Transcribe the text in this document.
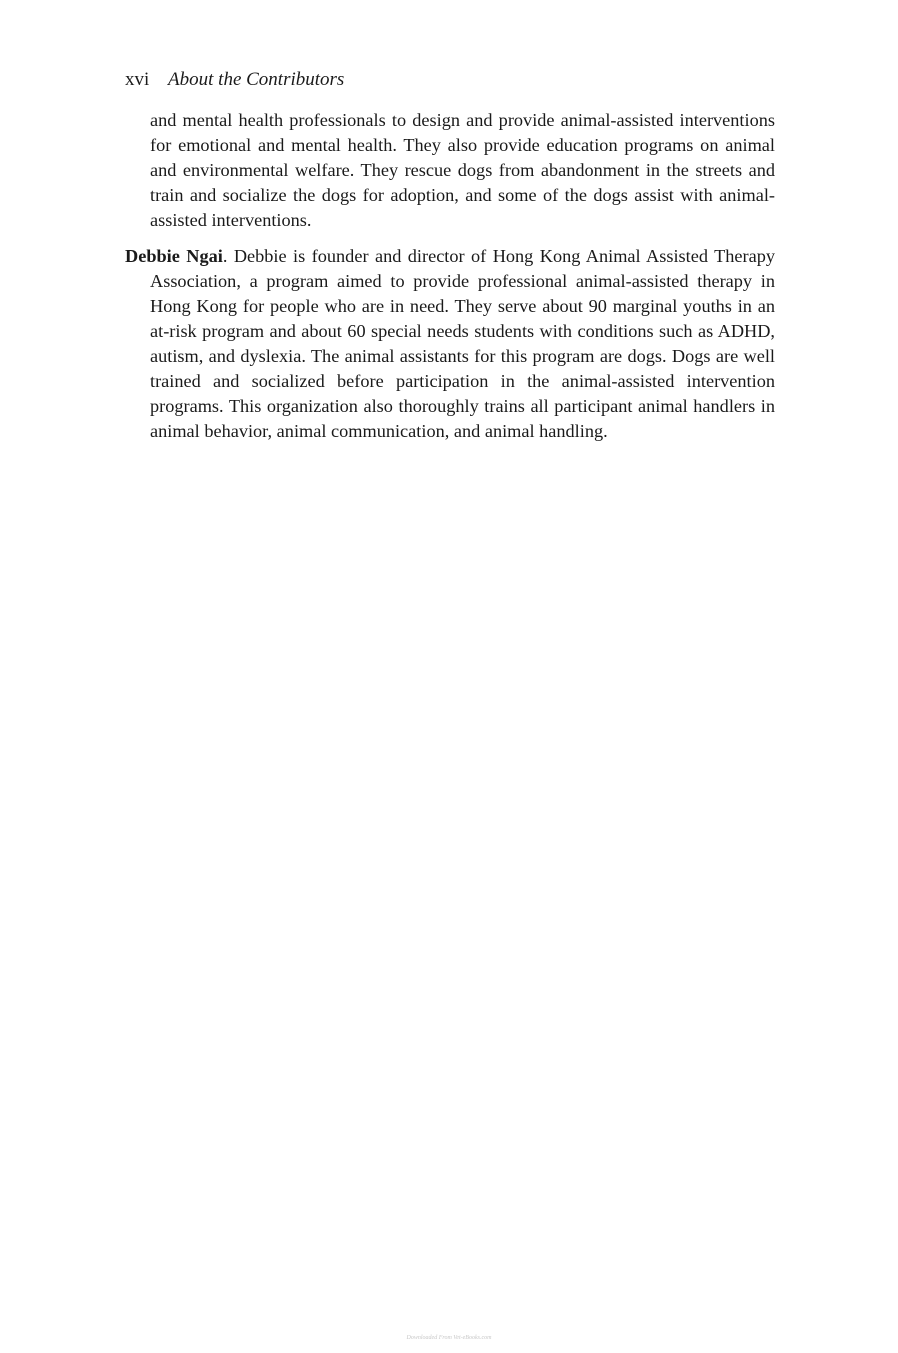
xvi About the Contributors

and mental health professionals to design and provide animal-assisted interventions for emotional and mental health. They also provide education programs on animal and environmental welfare. They rescue dogs from abandonment in the streets and train and socialize the dogs for adoption, and some of the dogs assist with animal-assisted interventions.

Debbie Ngai. Debbie is founder and director of Hong Kong Animal Assisted Therapy Association, a program aimed to provide professional animal-assisted therapy in Hong Kong for people who are in need. They serve about 90 marginal youths in an at-risk program and about 60 special needs students with conditions such as ADHD, autism, and dyslexia. The animal assistants for this program are dogs. Dogs are well trained and socialized before participation in the animal-assisted intervention programs. This organization also thoroughly trains all participant animal handlers in animal behavior, animal communication, and animal handling.

Downloaded From Vet-eBooks.com
